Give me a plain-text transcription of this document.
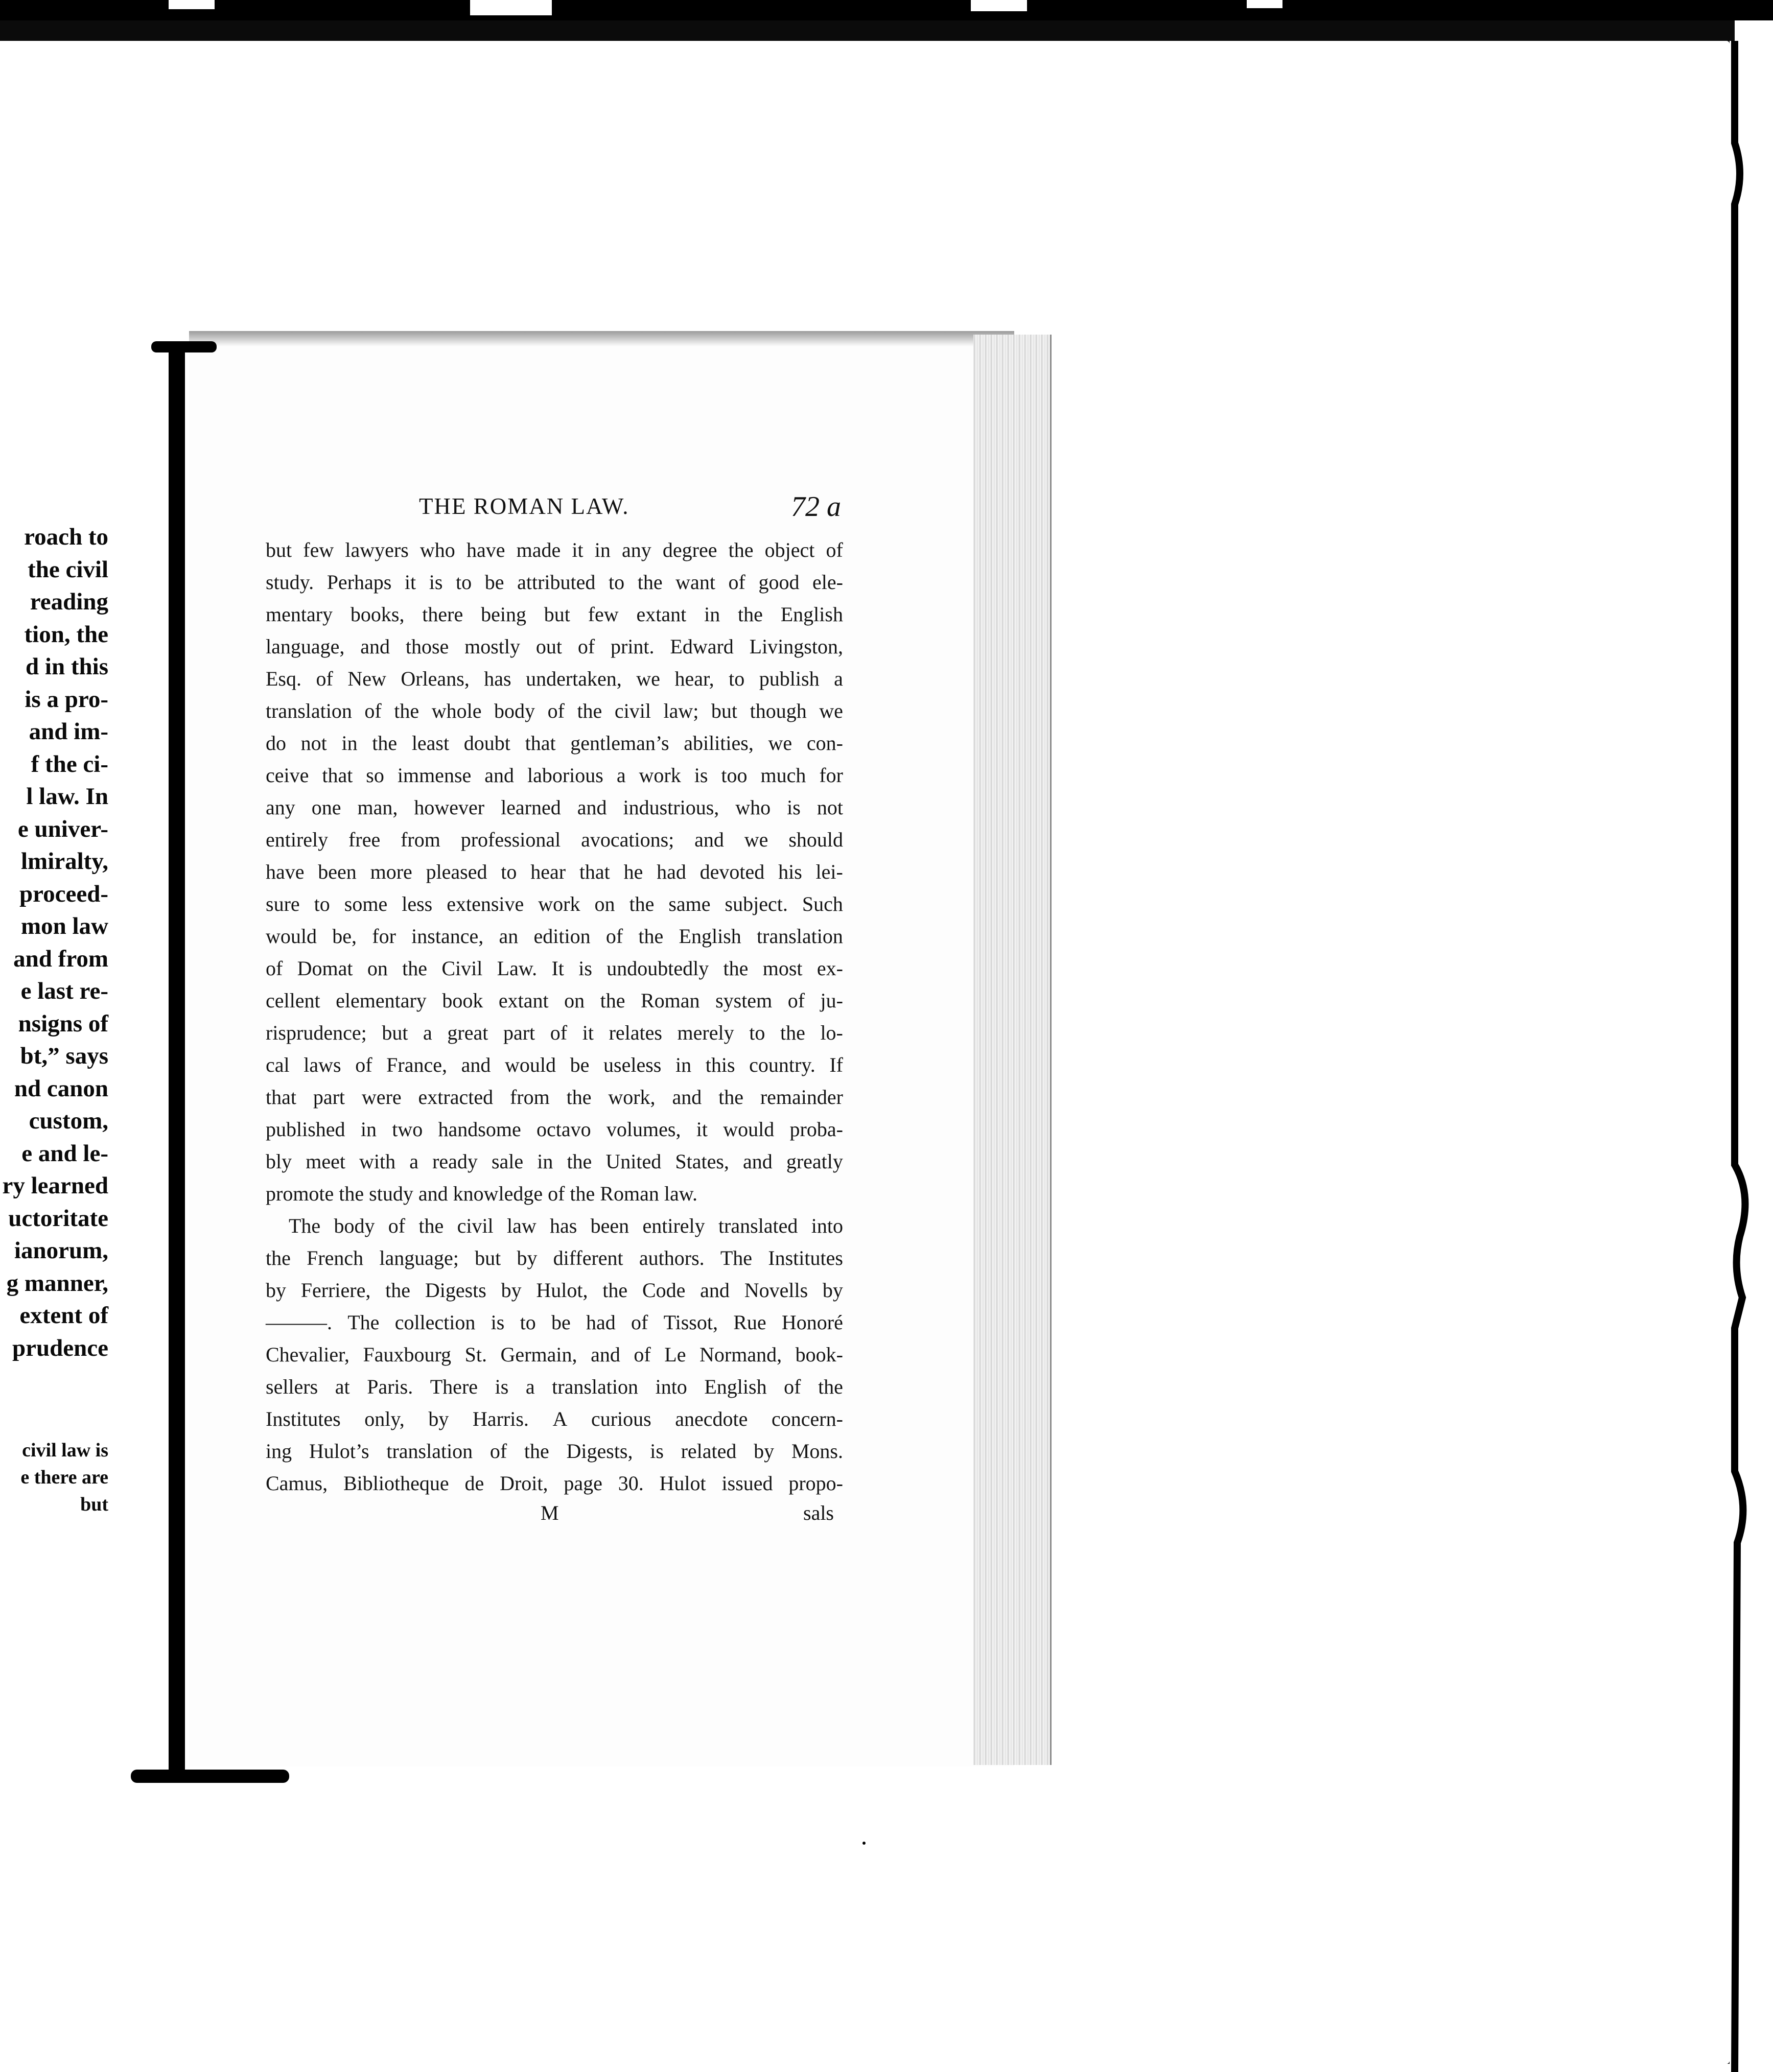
roach to
the civil
reading
tion, the
d in this
is a pro-
and im-
f the ci-
l law. In
e univer-
lmiralty,
proceed-
mon law
and from
e last re-
nsigns of
bt,” says
nd canon
custom,
e and le-
ry learned
uctoritate
ianorum,
g manner,
extent of
prudence
civil law is
e there are
but
THE ROMAN LAW.	72 a
but few lawyers who have made it in any degree the object of
study. Perhaps it is to be attributed to the want of good ele-
mentary books, there being but few extant in the English
language, and those mostly out of print. Edward Livingston,
Esq. of New Orleans, has undertaken, we hear, to publish a
translation of the whole body of the civil law; but though we
do not in the least doubt that gentleman’s abilities, we con-
ceive that so immense and laborious a work is too much for
any one man, however learned and industrious, who is not
entirely free from professional avocations; and we should
have been more pleased to hear that he had devoted his lei-
sure to some less extensive work on the same subject. Such
would be, for instance, an edition of the English translation
of Domat on the Civil Law. It is undoubtedly the most ex-
cellent elementary book extant on the Roman system of ju-
risprudence; but a great part of it relates merely to the lo-
cal laws of France, and would be useless in this country. If
that part were extracted from the work, and the remainder
published in two handsome octavo volumes, it would proba-
bly meet with a ready sale in the United States, and greatly
promote the study and knowledge of the Roman law.
The body of the civil law has been entirely translated into
the French language; but by different authors. The Institutes
by Ferriere, the Digests by Hulot, the Code and Novells by
———. The collection is to be had of Tissot, Rue Honoré
Chevalier, Fauxbourg St. Germain, and of Le Normand, book-
sellers at Paris. There is a translation into English of the
Institutes only, by Harris. A curious anecdote concern-
ing Hulot’s translation of the Digests, is related by Mons.
Camus, Bibliotheque de Droit, page 30. Hulot issued propo-
M	sals
